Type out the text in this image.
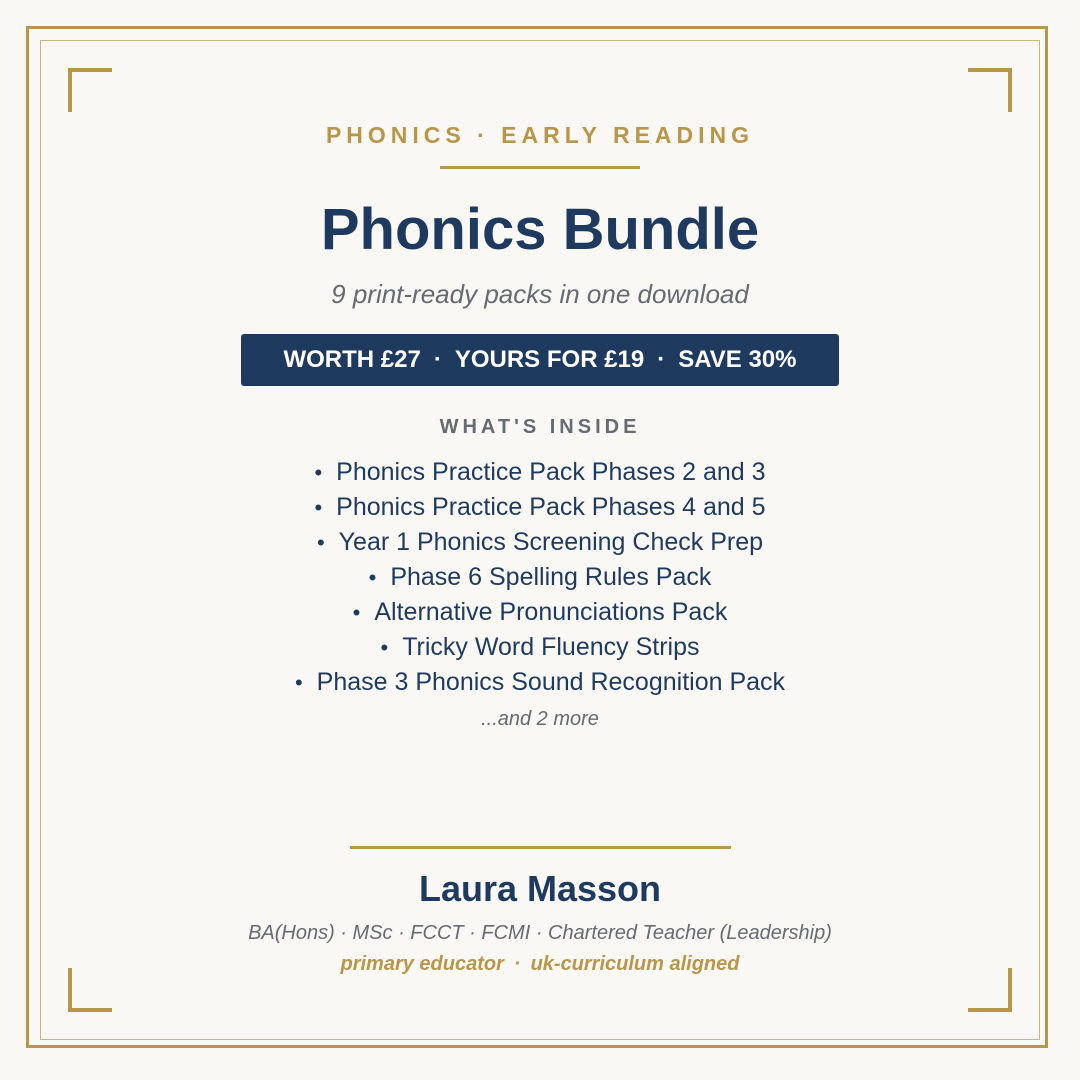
PHONICS · EARLY READING
Phonics Bundle
9 print-ready packs in one download
WORTH £27 · YOURS FOR £19 · SAVE 30%
WHAT'S INSIDE
• Phonics Practice Pack Phases 2 and 3
• Phonics Practice Pack Phases 4 and 5
• Year 1 Phonics Screening Check Prep
• Phase 6 Spelling Rules Pack
• Alternative Pronunciations Pack
• Tricky Word Fluency Strips
• Phase 3 Phonics Sound Recognition Pack
...and 2 more
Laura Masson
BA(Hons) · MSc · FCCT · FCMI · Chartered Teacher (Leadership)
primary educator · uk-curriculum aligned
